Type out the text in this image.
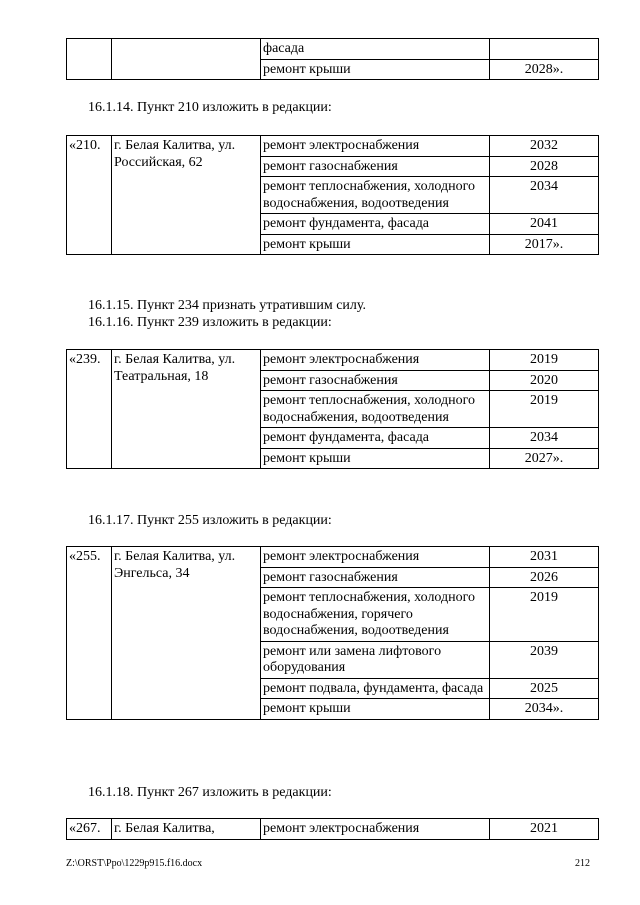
		фасада	
		ремонт крыши	2028».

16.1.14. Пункт 210 изложить в редакции:

«210.	г. Белая Калитва, ул. Российская, 62	ремонт электроснабжения	2032
		ремонт газоснабжения	2028
		ремонт теплоснабжения, холодного водоснабжения, водоотведения	2034
		ремонт фундамента, фасада	2041
		ремонт крыши	2017».

16.1.15. Пункт 234 признать утратившим силу.

16.1.16. Пункт 239 изложить в редакции:

«239.	г. Белая Калитва, ул. Театральная, 18	ремонт электроснабжения	2019
		ремонт газоснабжения	2020
		ремонт теплоснабжения, холодного водоснабжения, водоотведения	2019
		ремонт фундамента, фасада	2034
		ремонт крыши	2027».

16.1.17. Пункт 255 изложить в редакции:

«255.	г. Белая Калитва, ул. Энгельса, 34	ремонт электроснабжения	2031
		ремонт газоснабжения	2026
		ремонт теплоснабжения, холодного водоснабжения, горячего водоснабжения, водоотведения	2019
		ремонт или замена лифтового оборудования	2039
		ремонт подвала, фундамента, фасада	2025
		ремонт крыши	2034».

16.1.18. Пункт 267 изложить в редакции:

«267.	г. Белая Калитва,	ремонт электроснабжения	2021
Z:\ORST\Ppo\1229p915.f16.docx	212
